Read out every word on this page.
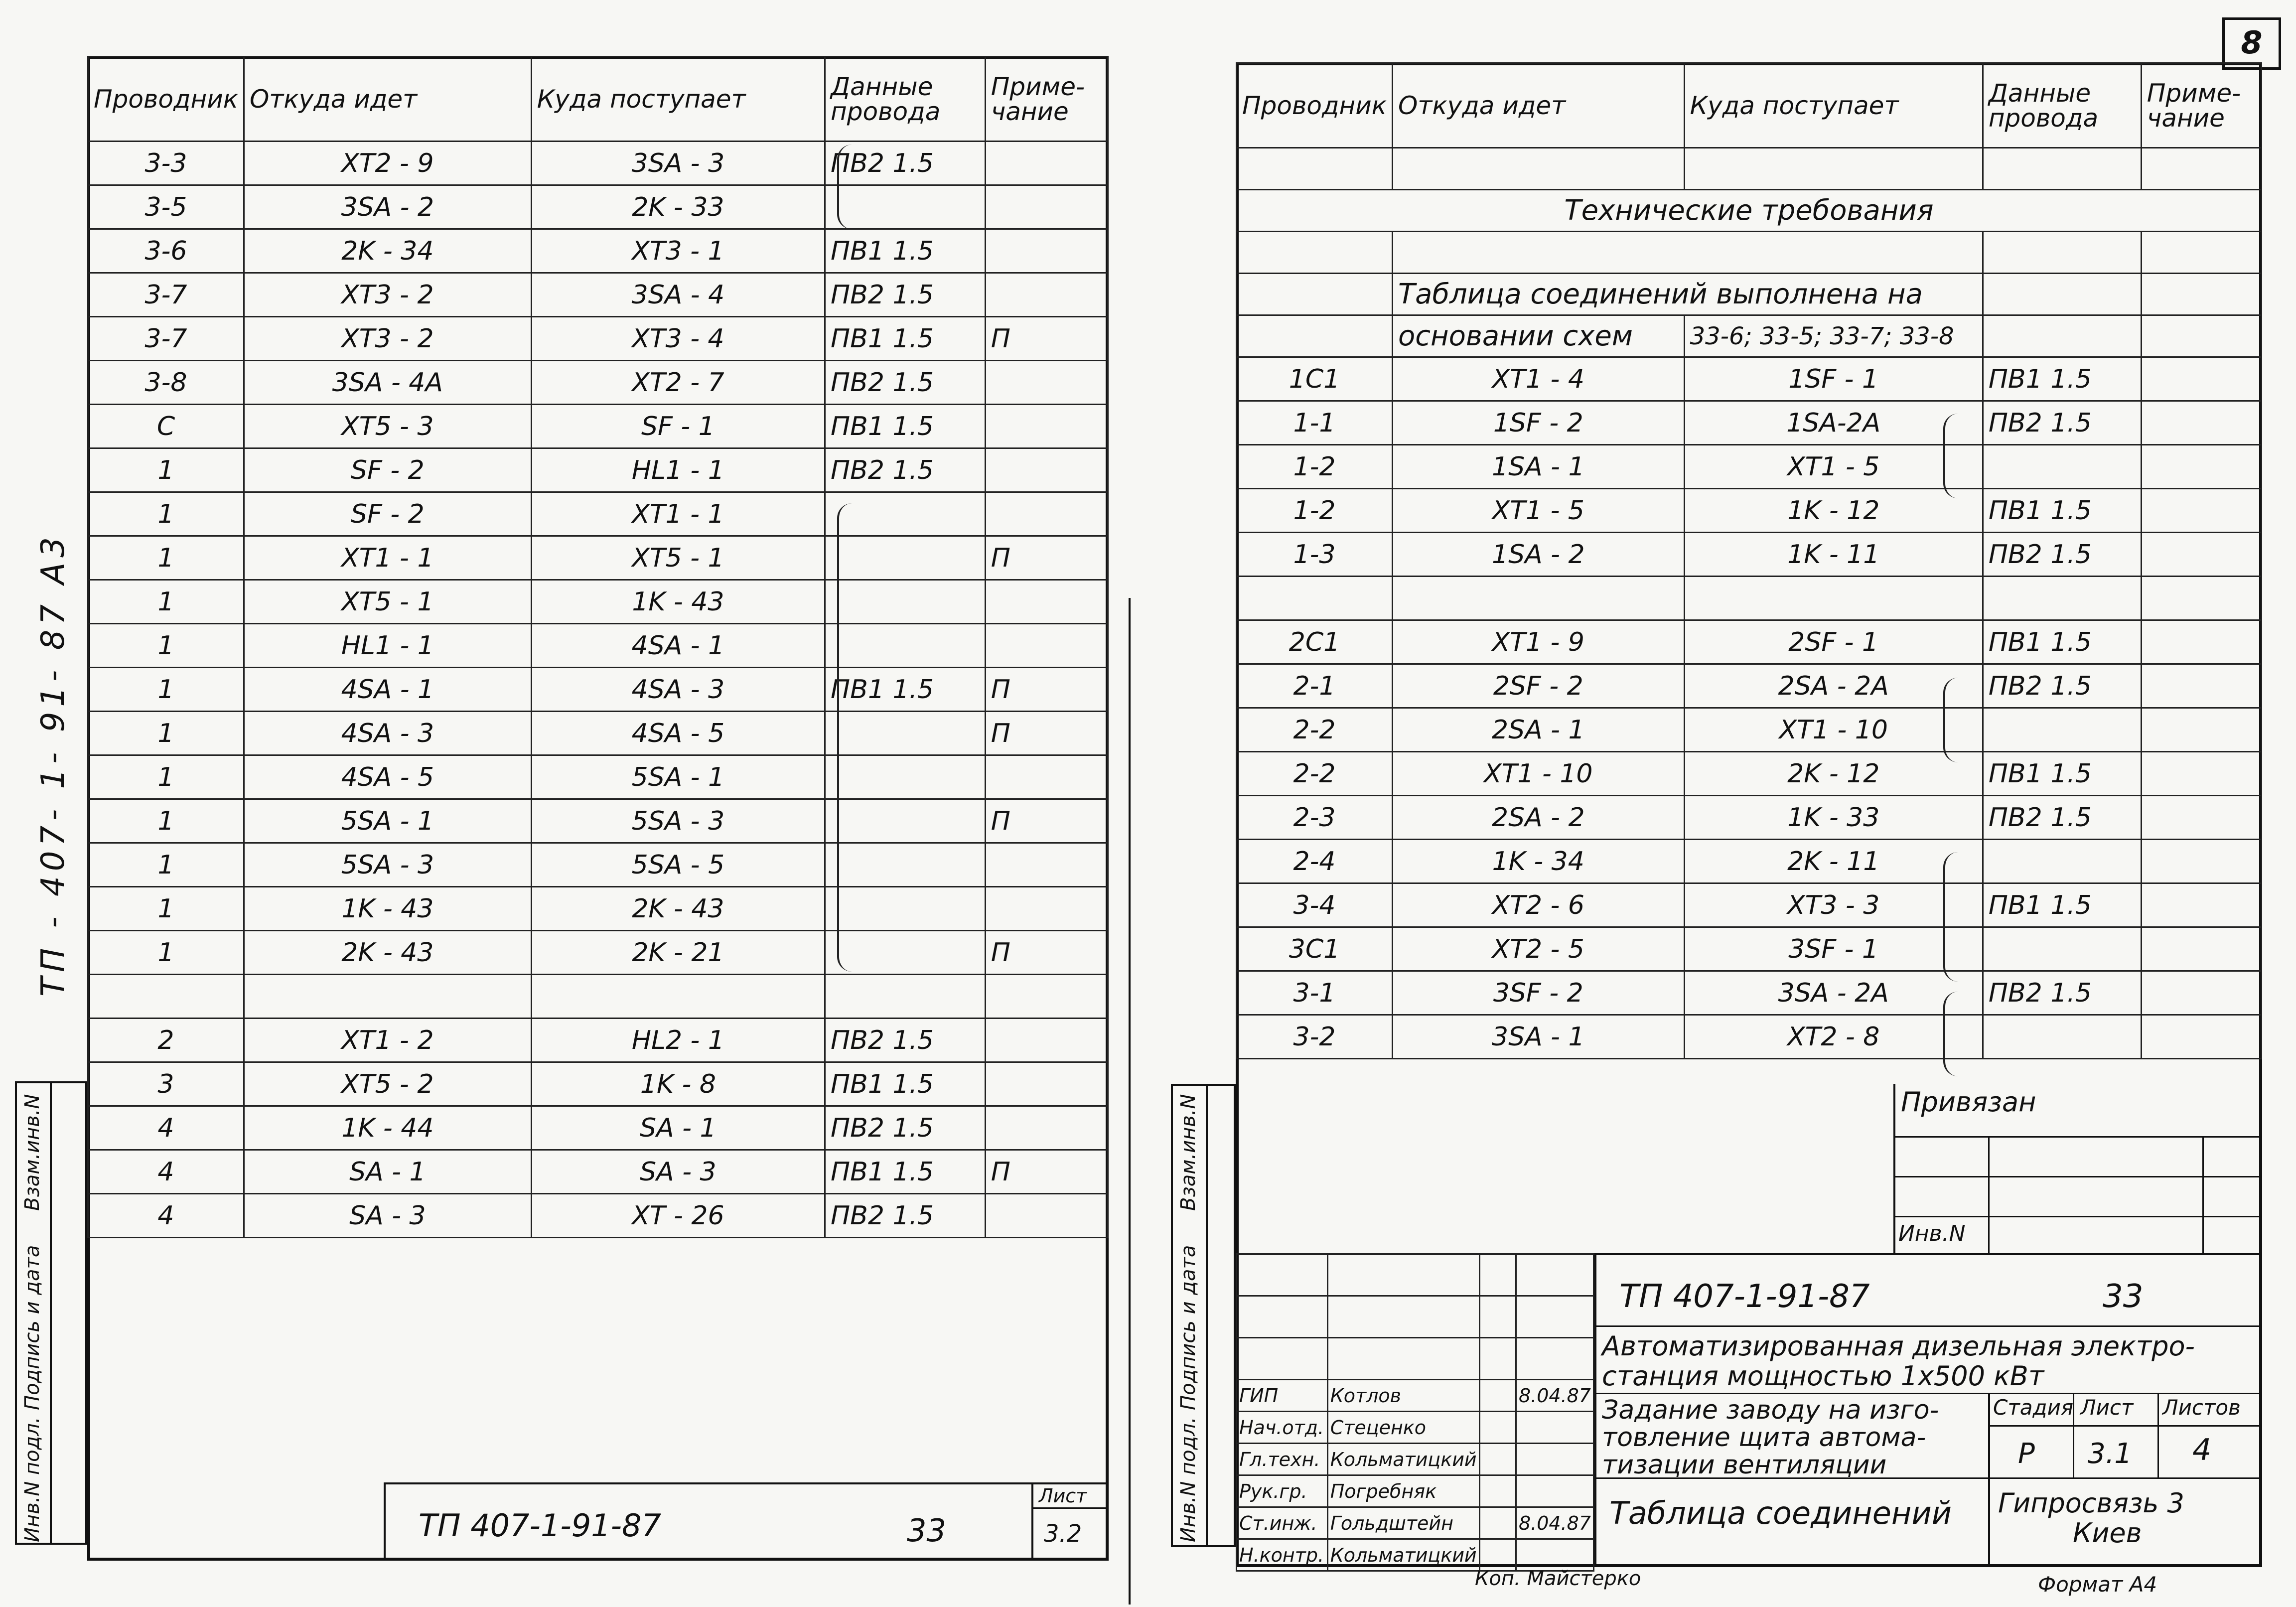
Проводник	Откуда идет	Куда поступает	Данные провода	Приме-чание
3-3	XT2 - 9	3SA - 3	ПВ2 1.5	
3-5	3SA - 2	2K - 33		
3-6	2K - 34	XT3 - 1	ПВ1 1.5	
3-7	XT3 - 2	3SA - 4	ПВ2 1.5	
3-7	XT3 - 2	XT3 - 4	ПВ1 1.5	П
3-8	3SA - 4A	XT2 - 7	ПВ2 1.5	
C	XT5 - 3	SF - 1	ПВ1 1.5	
1	SF - 2	HL1 - 1	ПВ2 1.5	
1	SF - 2	XT1 - 1		
1	XT1 - 1	XT5 - 1		П
1	XT5 - 1	1K - 43		
1	HL1 - 1	4SA - 1		
1	4SA - 1	4SA - 3	ПВ1 1.5	П
1	4SA - 3	4SA - 5		П
1	4SA - 5	5SA - 1		
1	5SA - 1	5SA - 3		П
1	5SA - 3	5SA - 5		
1	1K - 43	2K - 43		
1	2K - 43	2K - 21		П

2	XT1 - 2	HL2 - 1	ПВ2 1.5	
3	XT5 - 2	1K - 8	ПВ1 1.5	
4	1K - 44	SA - 1	ПВ2 1.5	
4	SA - 1	SA - 3	ПВ1 1.5	П
4	SA - 3	XT - 26	ПВ2 1.5	
ТП - 407- 1- 91- 87 А3
Инв.N подл.
Подпись и дата
Взам.инв.N
ТП 407-1-91-87	33
Лист
3.2
8
Проводник	Откуда идет	Куда поступает	Данные провода	Приме-чание

Технические требования				

	Таблица соединений выполнена на			
	основании схем	33-6; 33-5; 33-7; 33-8		
1C1	XT1 - 4	1SF - 1	ПВ1 1.5	
1-1	1SF - 2	1SA-2A	ПВ2 1.5	
1-2	1SA - 1	XT1 - 5		
1-2	XT1 - 5	1K - 12	ПВ1 1.5	
1-3	1SA - 2	1K - 11	ПВ2 1.5	

2C1	XT1 - 9	2SF - 1	ПВ1 1.5	
2-1	2SF - 2	2SA - 2A	ПВ2 1.5	
2-2	2SA - 1	XT1 - 10		
2-2	XT1 - 10	2K - 12	ПВ1 1.5	
2-3	2SA - 2	1K - 33	ПВ2 1.5	
2-4	1K - 34	2K - 11		
3-4	XT2 - 6	XT3 - 3	ПВ1 1.5	
3C1	XT2 - 5	3SF - 1		
3-1	3SF - 2	3SA - 2A	ПВ2 1.5	
3-2	3SA - 1	XT2 - 8		
Инв.N подл.
Подпись и дата
Взам.инв.N	Привязан
Инв.N
ТП 407-1-91-87	33
Автоматизированная дизельная электро-
станция мощностью 1x500 кВт
Задание заводу на изго-
товление щита автома-
тизации вентиляции
Таблица соединений
Стадия Лист Листов
Р 3.1 4
Гипросвязь 3
Киев

ГИП	Котлов		8.04.87
Нач.отд.	Стеценко		
Гл.техн.	Кольматицкий		
Рук.гр.	Погребняк		
Ст.инж.	Гольдштейн		8.04.87
Н.контр.	Кольматицкий		
Коп. Майстерко	Формат А4
